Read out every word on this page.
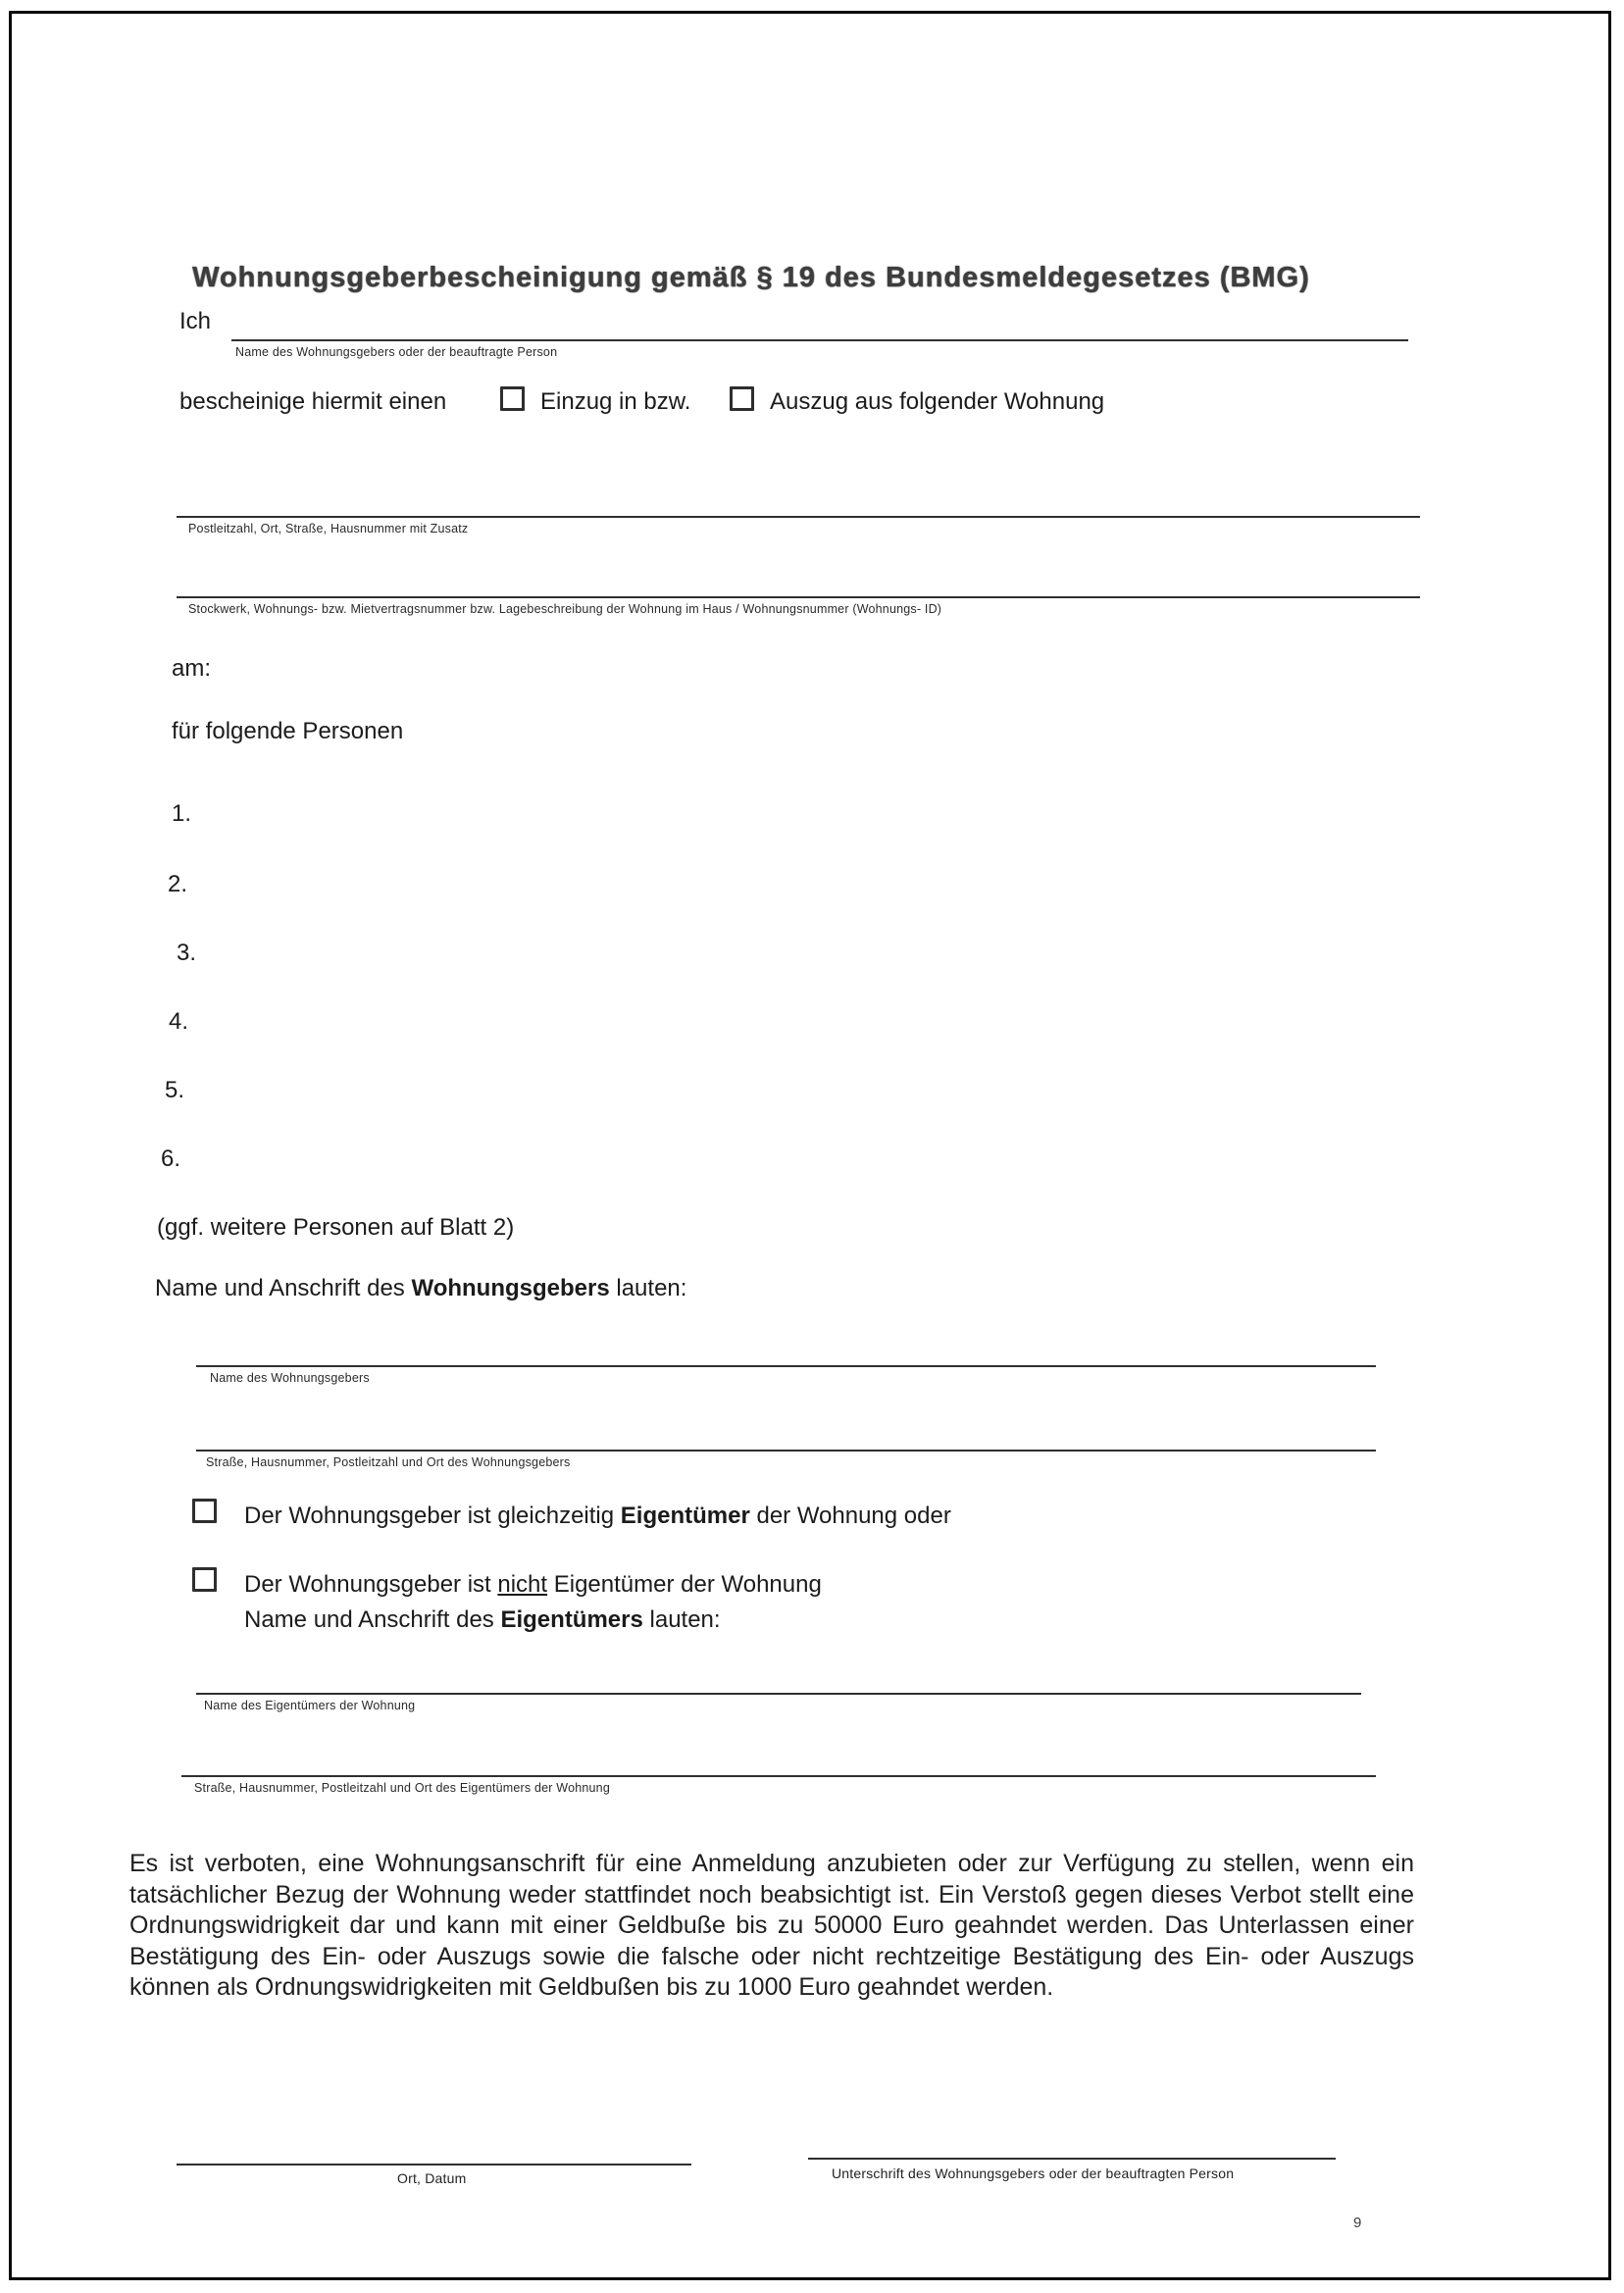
Wohnungsgeberbescheinigung gemäß § 19 des Bundesmeldegesetzes (BMG)
Ich
Name des Wohnungsgebers oder der beauftragte Person
bescheinige hiermit einen	Einzug in bzw.	Auszug aus folgender Wohnung
Postleitzahl, Ort, Straße, Hausnummer mit Zusatz
Stockwerk, Wohnungs- bzw. Mietvertragsnummer bzw. Lagebeschreibung der Wohnung im Haus / Wohnungsnummer (Wohnungs- ID)
am:
für folgende Personen
1.
2.
3.
4.
5.
6.
(ggf. weitere Personen auf Blatt 2)
Name und Anschrift des Wohnungsgebers lauten:
Name des Wohnungsgebers
Straße, Hausnummer, Postleitzahl und Ort des Wohnungsgebers
Der Wohnungsgeber ist gleichzeitig Eigentümer der Wohnung oder
Der Wohnungsgeber ist nicht Eigentümer der Wohnung
Name und Anschrift des Eigentümers lauten:
Name des Eigentümers der Wohnung
Straße, Hausnummer, Postleitzahl und Ort des Eigentümers der Wohnung

Es ist verboten, eine Wohnungsanschrift für eine Anmeldung anzubieten oder zur Verfügung zu stellen, wenn ein tatsächlicher Bezug der Wohnung weder stattfindet noch beabsichtigt ist. Ein Verstoß gegen dieses Verbot stellt eine Ordnungswidrigkeit dar und kann mit einer Geldbuße bis zu 50000 Euro geahndet werden. Das Unterlassen einer Bestätigung des Ein- oder Auszugs sowie die falsche oder nicht rechtzeitige Bestätigung des Ein- oder Auszugs können als Ordnungswidrigkeiten mit Geldbußen bis zu 1000 Euro geahndet werden.

Ort, Datum	Unterschrift des Wohnungsgebers oder der beauftragten Person
9
